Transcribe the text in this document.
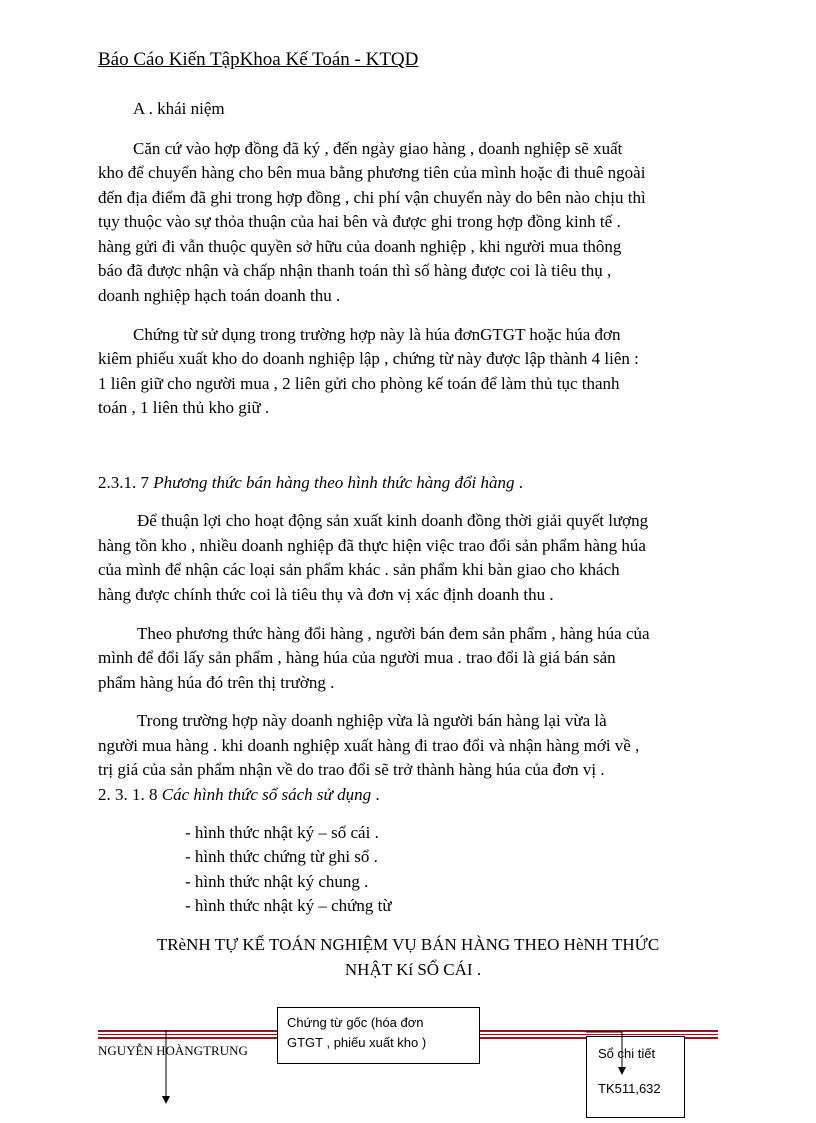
Báo Cáo Kiến TậpKhoa Kế Toán - KTQD
A . khái niệm
Căn cứ vào hợp đồng đã ký , đến ngày giao hàng , doanh nghiệp sẽ xuất
kho để chuyển hàng cho bên mua bằng phương tiên của mình hoặc đi thuê ngoài
đến địa điểm đã ghi trong hợp đồng , chi phí vận chuyển này do bên nào chịu thì
tụy thuộc vào sự thỏa thuận của hai bên và được ghi trong hợp đồng kinh tế .
hàng gửi đi vẫn thuộc quyền sở hữu của doanh nghiệp , khi người mua thông
báo đã được nhận và chấp nhận thanh toán thì số hàng được coi là tiêu thụ ,
doanh nghiệp hạch toán doanh thu .
Chứng từ sử dụng trong trường hợp này là húa đơnGTGT hoặc húa đơn
kiêm phiếu xuất kho do doanh nghiệp lập , chứng từ này được lập thành 4 liên :
1 liên giữ cho người mua , 2 liên gửi cho phòng kế toán để làm thủ tục thanh
toán , 1 liên thủ kho giữ .
2.3.1. 7 Phương thức bán hàng theo hình thức hàng đổi hàng .
Để thuận lợi cho hoạt động sản xuất kinh doanh đồng thời giải quyết lượng
hàng tồn kho , nhiều doanh nghiệp đã thực hiện việc trao đổi sản phẩm hàng húa
của mình để nhận các loại sản phẩm khác . sản phẩm khi bàn giao cho khách
hàng được chính thức coi là tiêu thụ và đơn vị xác định doanh thu .
Theo phương thức hàng đổi hàng , người bán đem sản phẩm , hàng húa của
mình để đổi lấy sản phẩm , hàng húa của người mua . trao đổi là giá bán sản
phẩm hàng húa đó trên thị trường .
Trong trường hợp này doanh nghiệp vừa là người bán hàng lại vừa là
người mua hàng . khi doanh nghiệp xuất hàng đi trao đổi và nhận hàng mới về ,
trị giá của sản phẩm nhận về do trao đổi sẽ trở thành hàng húa của đơn vị .
2. 3. 1. 8 Các hình thức sổ sách sử dụng .
- hình thức nhật ký – sổ cái .
- hình thức chứng từ ghi sổ .
- hình thức nhật ký chung .
- hình thức nhật ký – chứng từ
TRèNH TỰ KẾ TOÁN NGHIỆM VỤ BÁN HÀNG THEO HèNH THỨC
NHẬT Kí SỔ CÁI .
NGUYỄN HOÀNGTRUNG
Chứng từ gốc (hóa đơn
GTGT , phiếu xuất kho )
Sổ chi tiết
TK511,632
